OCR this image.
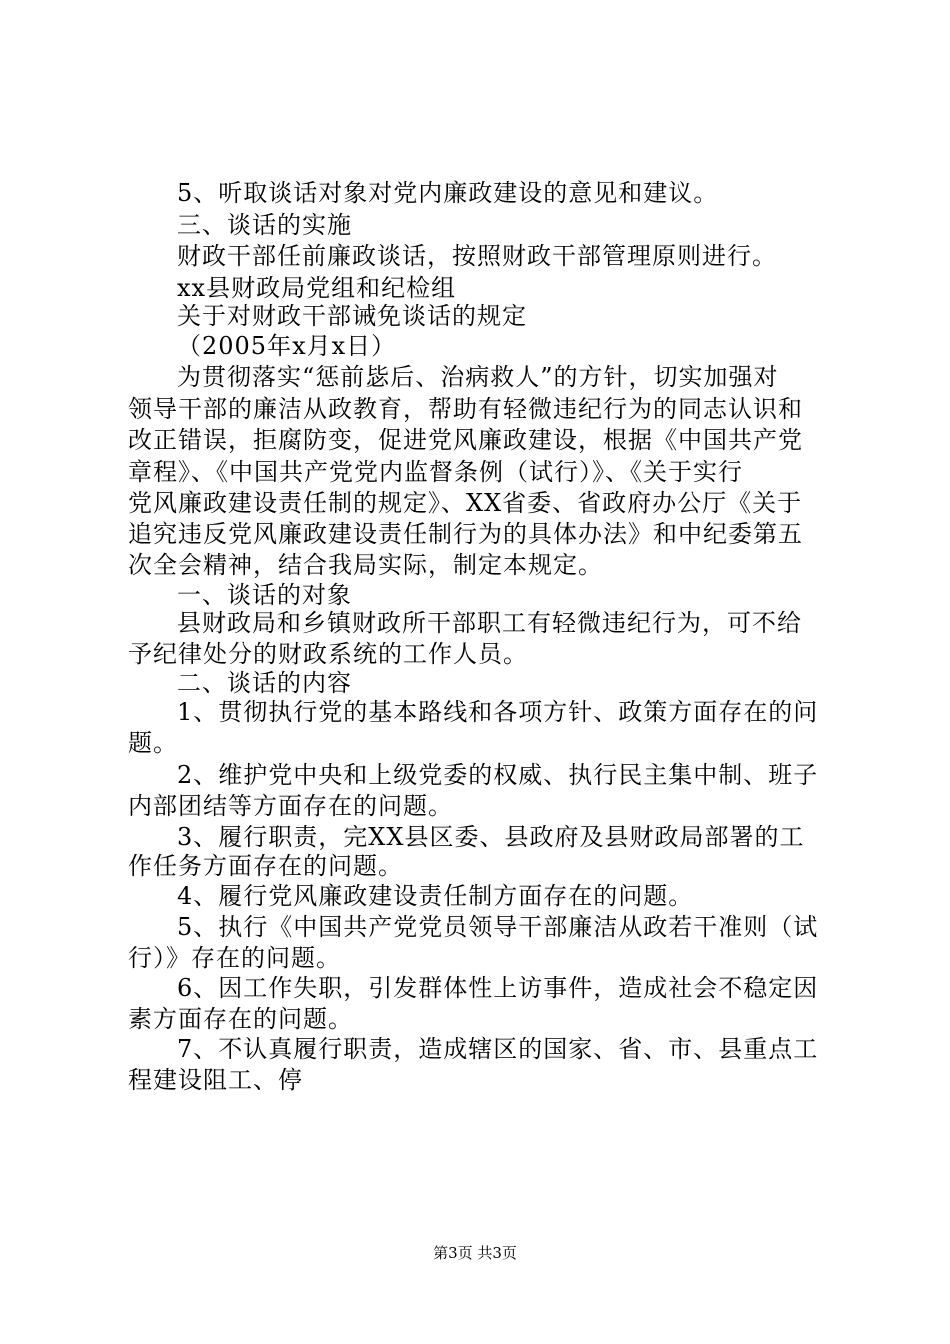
5、听取谈话对象对党内廉政建设的意见和建议。
三、谈话的实施
财政干部任前廉政谈话，按照财政干部管理原则进行。
xx县财政局党组和纪检组
关于对财政干部诫免谈话的规定
（2005年x月x日）
为贯彻落实“惩前毖后、治病救人”的方针，切实加强对
领导干部的廉洁从政教育，帮助有轻微违纪行为的同志认识和
改正错误，拒腐防变，促进党风廉政建设，根据《中国共产党
章程》、《中国共产党党内监督条例（试行）》、《关于实行
党风廉政建设责任制的规定》、XX省委、省政府办公厅《关于
追究违反党风廉政建设责任制行为的具体办法》和中纪委第五
次全会精神，结合我局实际，制定本规定。
一、谈话的对象
县财政局和乡镇财政所干部职工有轻微违纪行为，可不给
予纪律处分的财政系统的工作人员。
二、谈话的内容
1、贯彻执行党的基本路线和各项方针、政策方面存在的问
题。
2、维护党中央和上级党委的权威、执行民主集中制、班子
内部团结等方面存在的问题。
3、履行职责，完XX县区委、县政府及县财政局部署的工
作任务方面存在的问题。
4、履行党风廉政建设责任制方面存在的问题。
5、执行《中国共产党党员领导干部廉洁从政若干准则（试
行）》存在的问题。
6、因工作失职，引发群体性上访事件，造成社会不稳定因
素方面存在的问题。
7、不认真履行职责，造成辖区的国家、省、市、县重点工
程建设阻工、停
第3页 共3页
